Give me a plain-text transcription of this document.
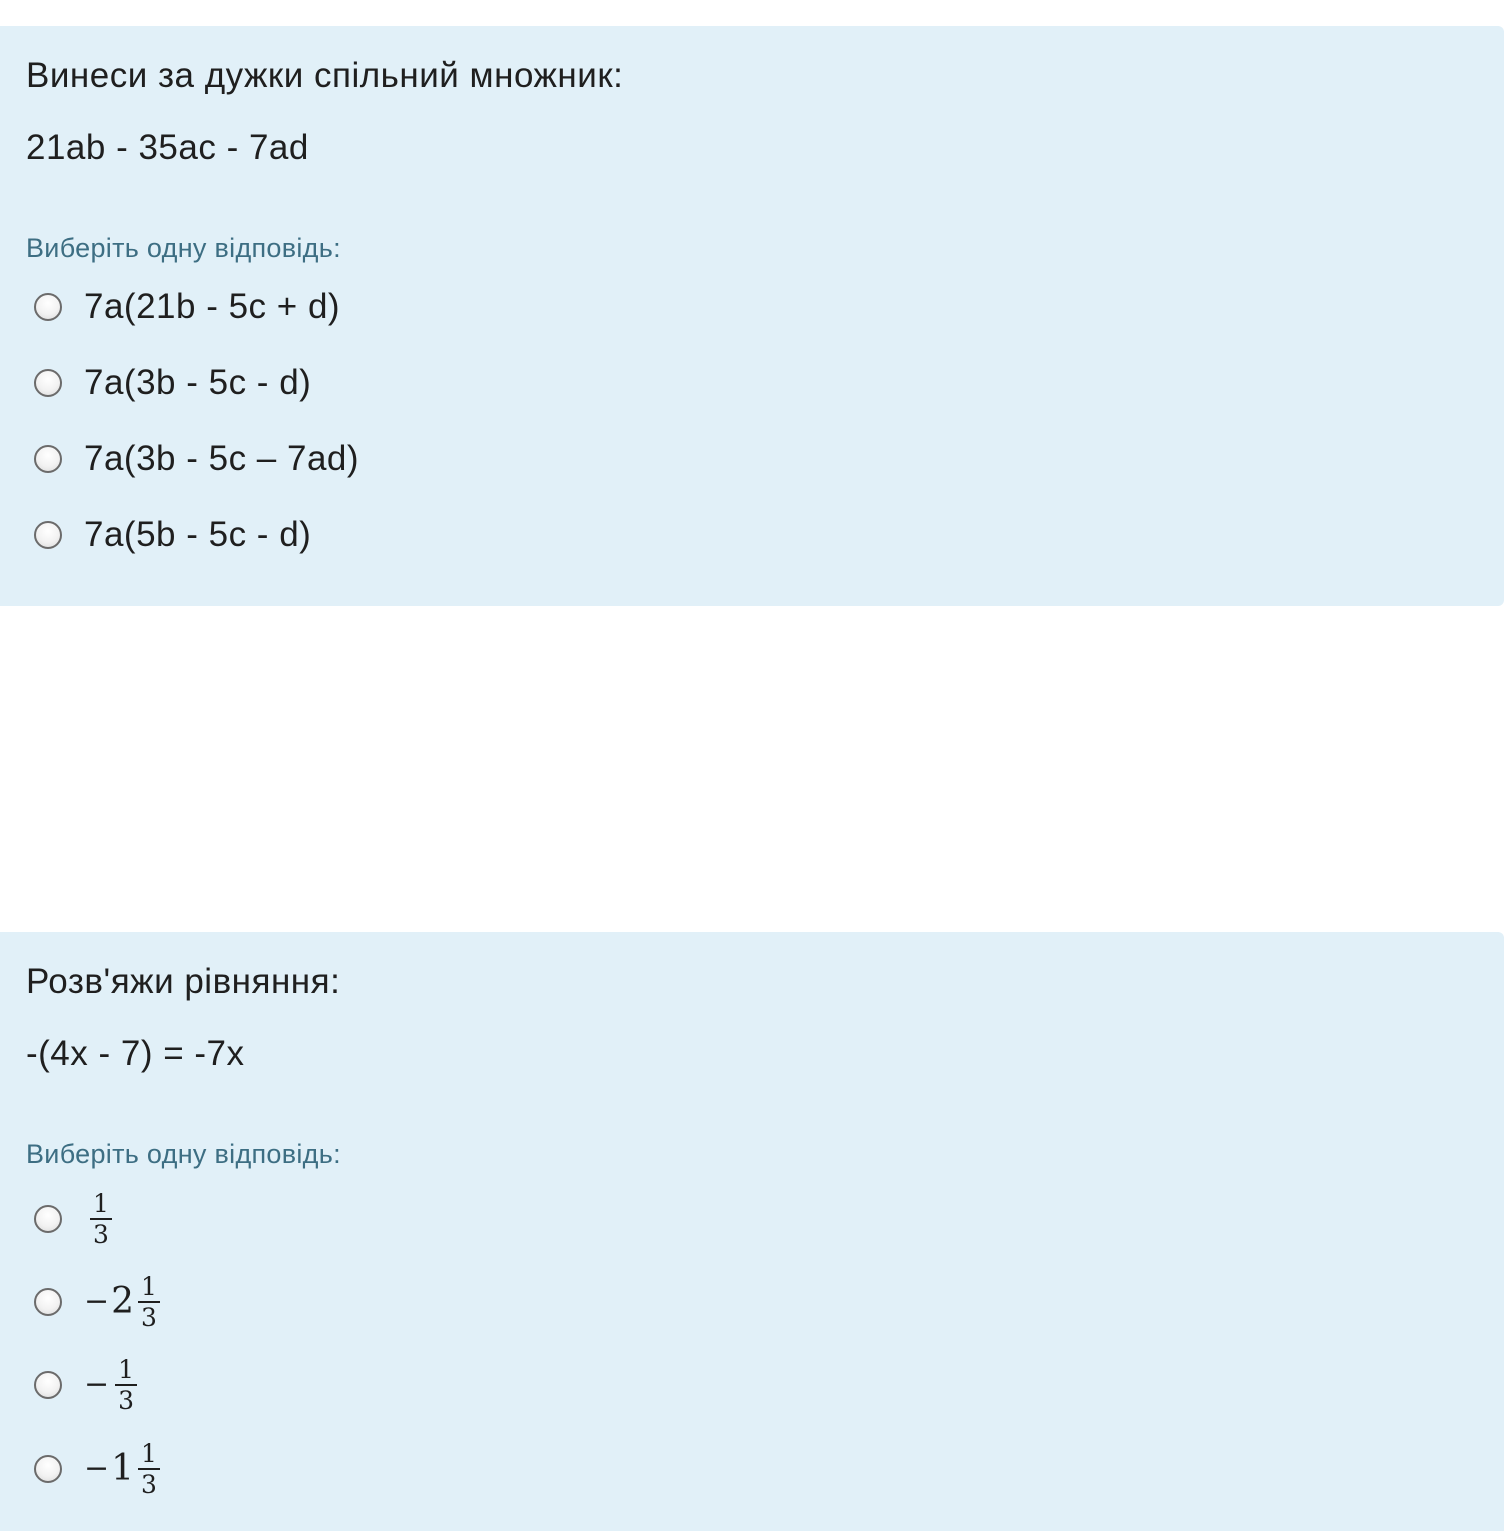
Винеси за дужки спільний множник:
21ab - 35ac - 7ad
Виберіть одну відповідь:
7a(21b - 5c + d)
7a(3b - 5c - d)
7a(3b - 5c – 7ad)
7a(5b - 5c - d)
Розв'яжи рівняння:
-(4x - 7) = -7x
Виберіть одну відповідь:
$\frac{1}{3}$
− $2 \frac{1}{3}$
− $\frac{1}{3}$
− $1 \frac{1}{3}$
